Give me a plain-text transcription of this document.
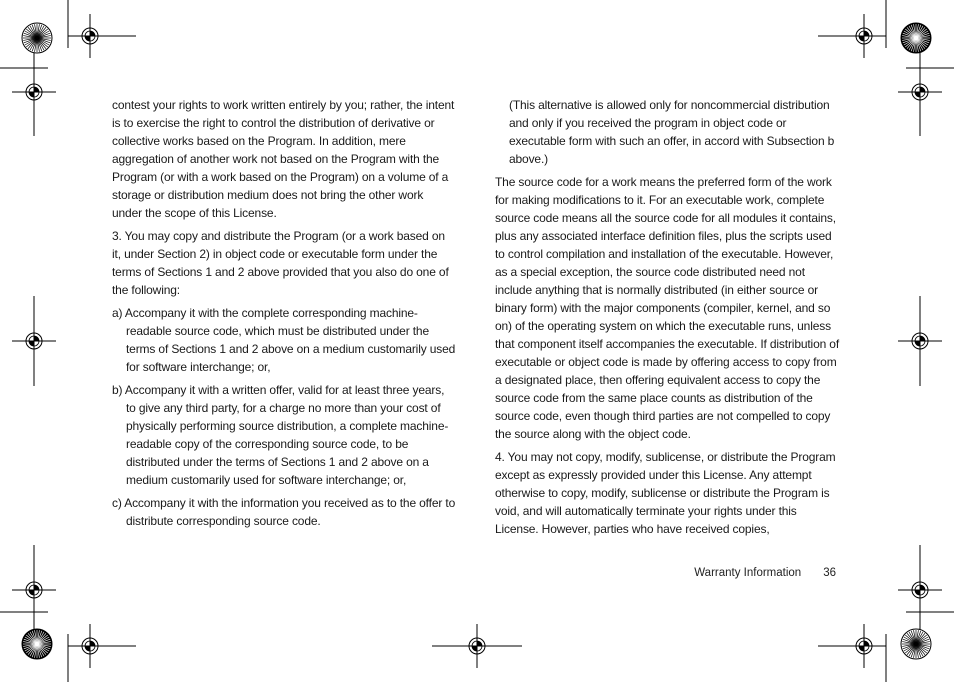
contest your rights to work written entirely by you; rather, the intent is to exercise the right to control the distribution of derivative or collective works based on the Program. In addition, mere aggregation of another work not based on the Program with the Program (or with a work based on the Program) on a volume of a storage or distribution medium does not bring the other work under the scope of this License.

3. You may copy and distribute the Program (or a work based on it, under Section 2) in object code or executable form under the terms of Sections 1 and 2 above provided that you also do one of the following:

a) Accompany it with the complete corresponding machine-readable source code, which must be distributed under the terms of Sections 1 and 2 above on a medium customarily used for software interchange; or,

b) Accompany it with a written offer, valid for at least three years, to give any third party, for a charge no more than your cost of physically performing source distribution, a complete machine-readable copy of the corresponding source code, to be distributed under the terms of Sections 1 and 2 above on a medium customarily used for software interchange; or,

c) Accompany it with the information you received as to the offer to distribute corresponding source code.

(This alternative is allowed only for noncommercial distribution and only if you received the program in object code or executable form with such an offer, in accord with Subsection b above.)

The source code for a work means the preferred form of the work for making modifications to it. For an executable work, complete source code means all the source code for all modules it contains, plus any associated interface definition files, plus the scripts used to control compilation and installation of the executable. However, as a special exception, the source code distributed need not include anything that is normally distributed (in either source or binary form) with the major components (compiler, kernel, and so on) of the operating system on which the executable runs, unless that component itself accompanies the executable. If distribution of executable or object code is made by offering access to copy from a designated place, then offering equivalent access to copy the source code from the same place counts as distribution of the source code, even though third parties are not compelled to copy the source along with the object code.

4. You may not copy, modify, sublicense, or distribute the Program except as expressly provided under this License. Any attempt otherwise to copy, modify, sublicense or distribute the Program is void, and will automatically terminate your rights under this License. However, parties who have received copies,

Warranty Information 36
